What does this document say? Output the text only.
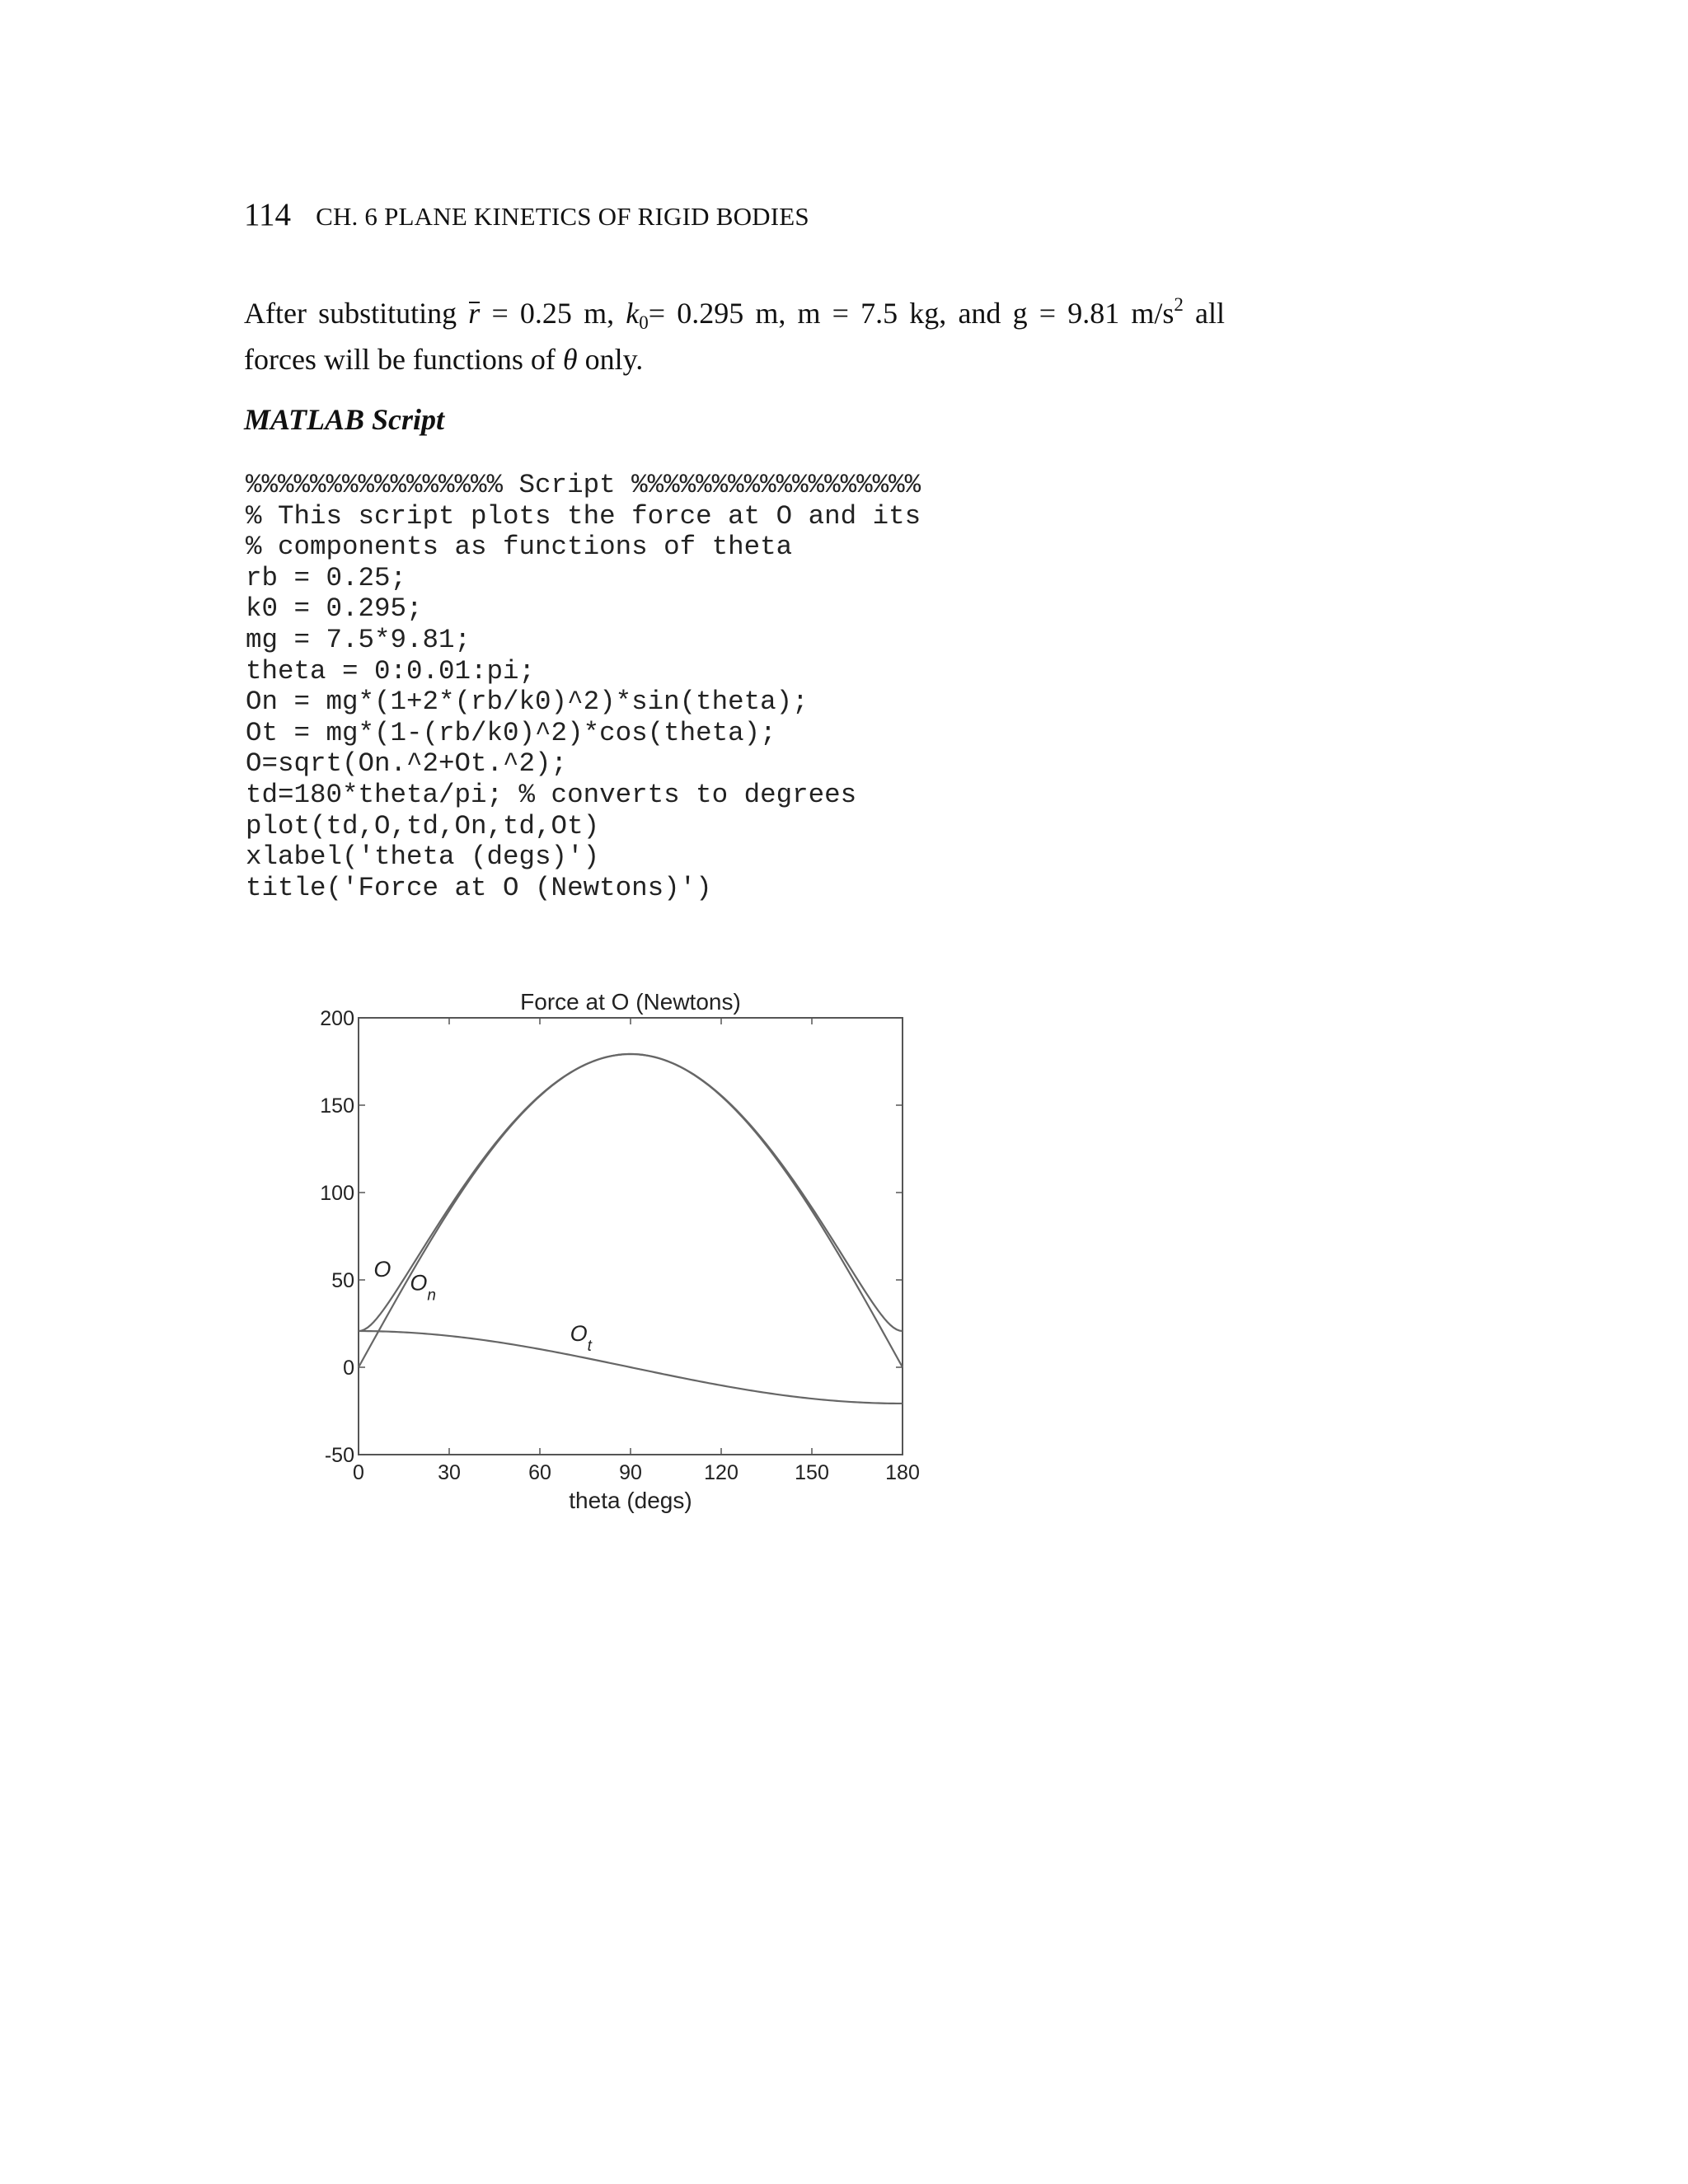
114 CH. 6 PLANE KINETICS OF RIGID BODIES

After substituting r = 0.25 m, $k_0= 0.295$ m, m = 7.5 kg, and g = 9.81 $m/s^2$ all

forces will be functions of θ only.

MATLAB Script
%%%%%%%%%%%%%%%% Script %%%%%%%%%%%%%%%%%%
% This script plots the force at O and its
% components as functions of theta
rb = 0.25;
k0 = 0.295;
mg = 7.5*9.81;
theta = 0:0.01:pi;
On = mg*(1+2*(rb/k0)^2)*sin(theta);
Ot = mg*(1-(rb/k0)^2)*cos(theta);
O=sqrt(On.^2+Ot.^2);
td=180*theta/pi; % converts to degrees
plot(td,O,td,On,td,Ot)
xlabel('theta (degs)')
title('Force at O (Newtons)')
0	30	60	90	120	150	180
-50
0
50
100
150
200
Force at O (Newtons)
theta (degs)
O
$O_n$
$O_t$
